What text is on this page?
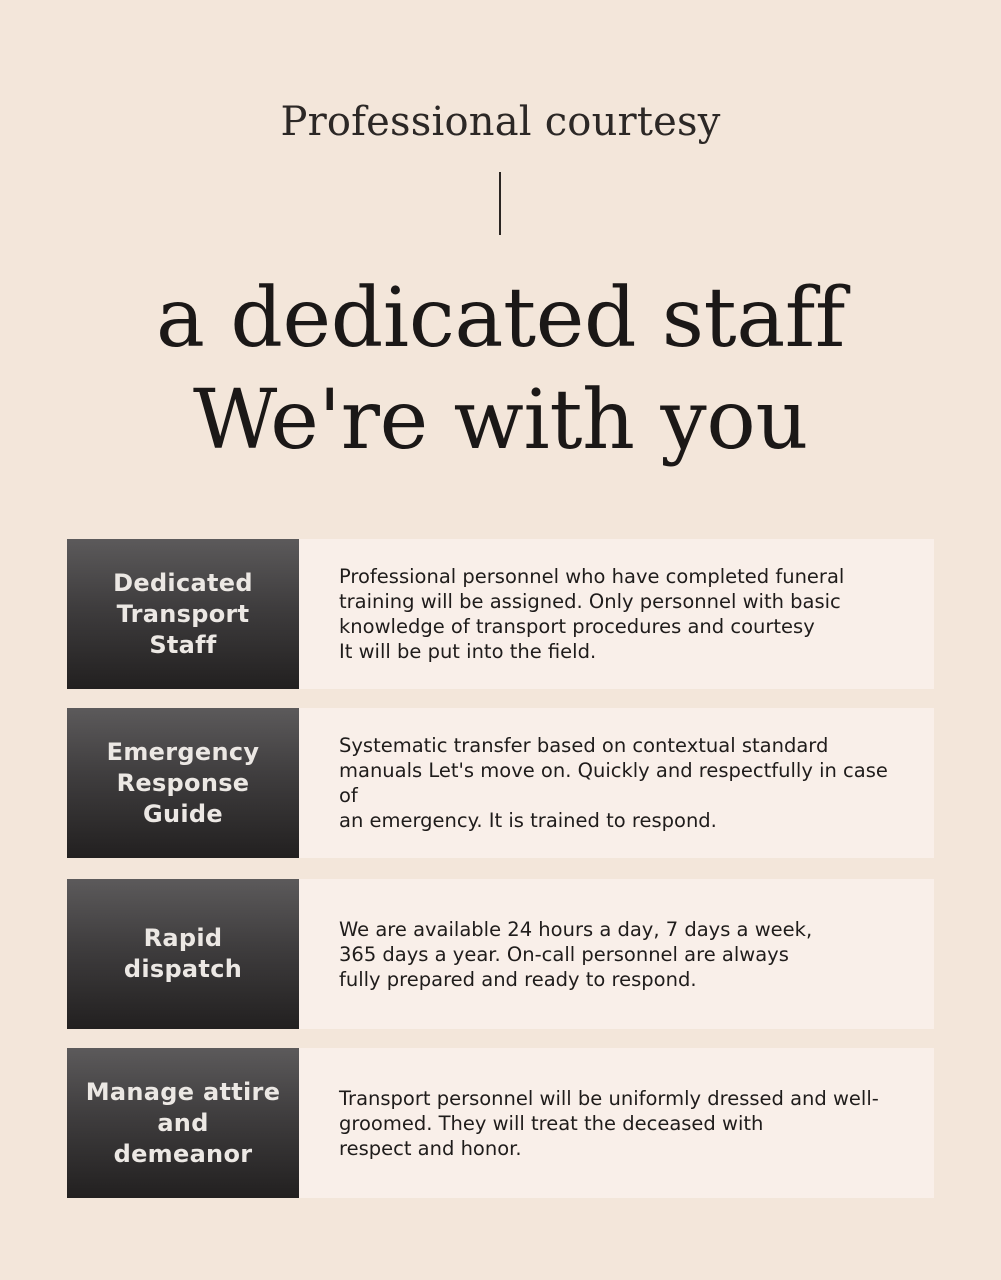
Professional courtesy
a dedicated staff
We're with you
Dedicated
Transport
Staff
Professional personnel who have completed funeral
training will be assigned. Only personnel with basic
knowledge of transport procedures and courtesy
It will be put into the field.
Emergency
Response
Guide
Systematic transfer based on contextual standard
manuals Let's move on. Quickly and respectfully in case of
an emergency. It is trained to respond.
Rapid
dispatch
We are available 24 hours a day, 7 days a week,
365 days a year. On-call personnel are always
fully prepared and ready to respond.
Manage attire
and
demeanor
Transport personnel will be uniformly dressed and well-
groomed. They will treat the deceased with
respect and honor.
